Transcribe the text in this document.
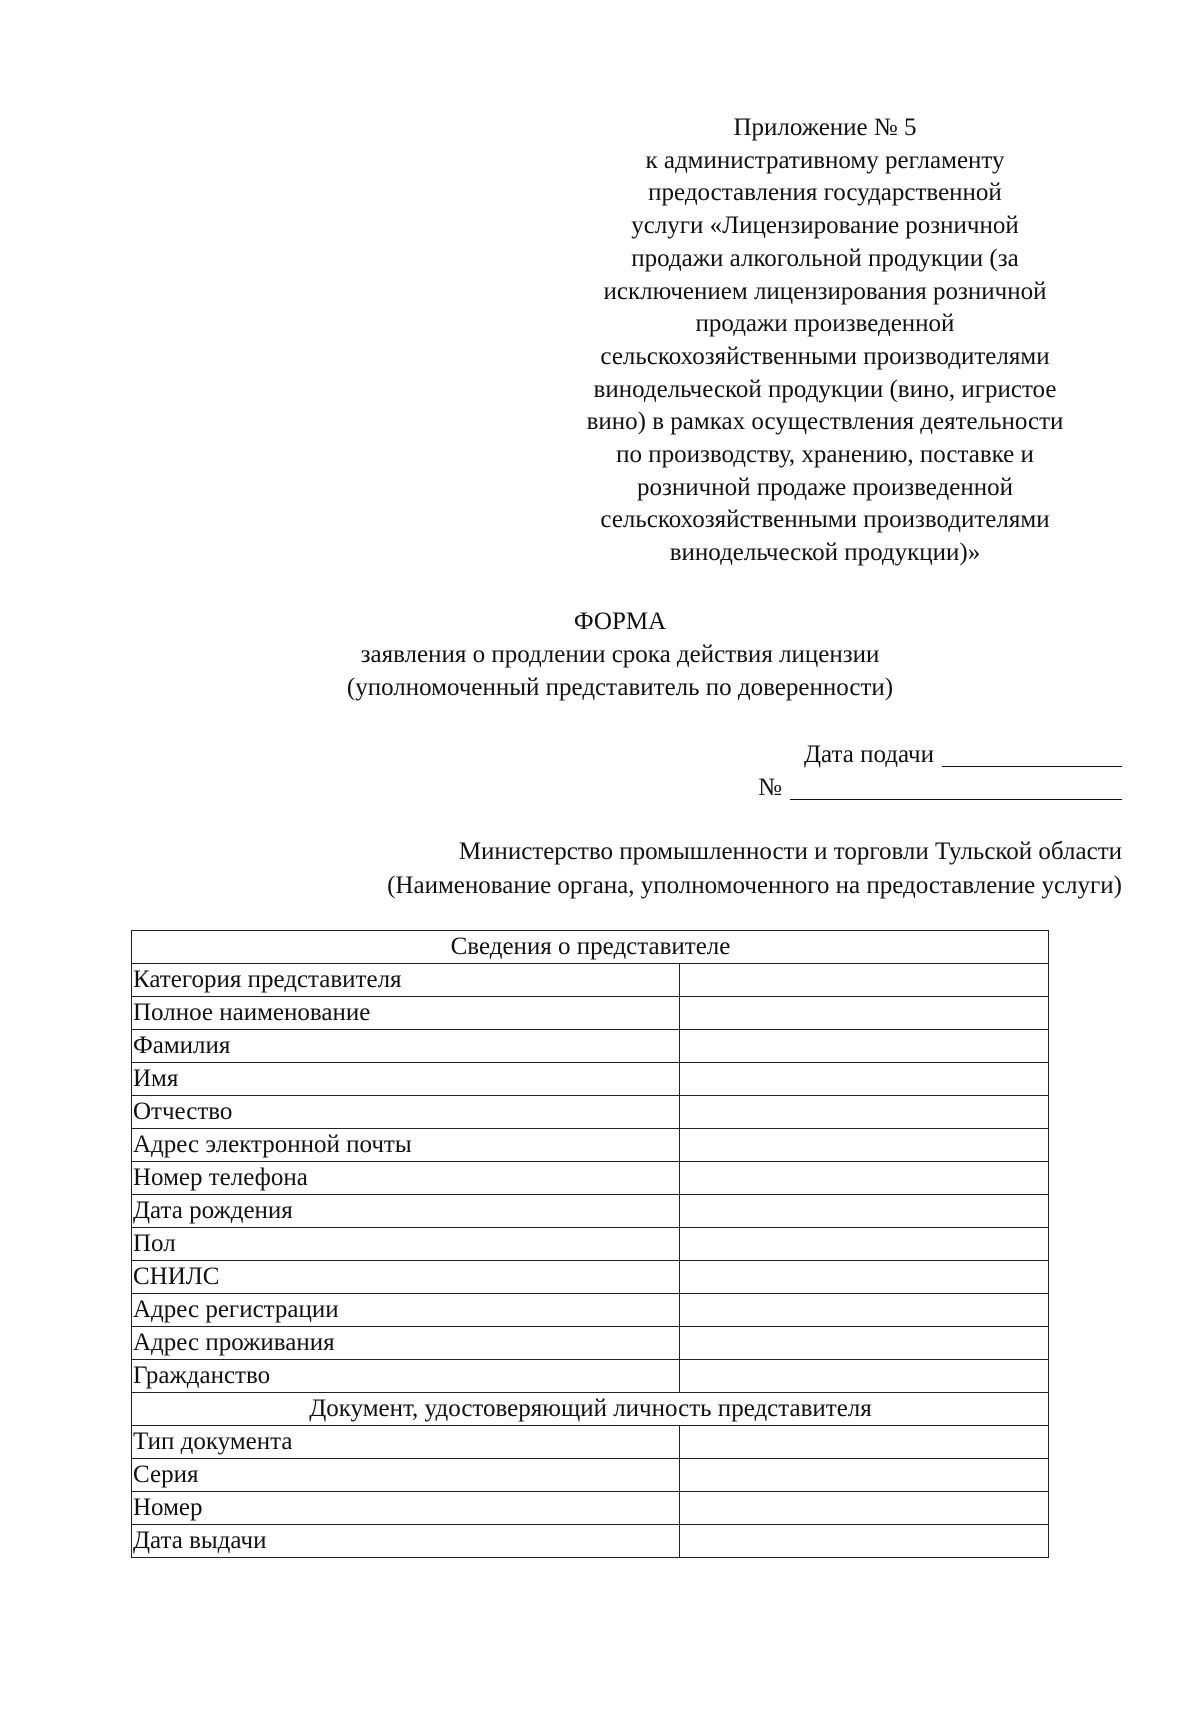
Приложение № 5
к административному регламенту
предоставления государственной
услуги «Лицензирование розничной
продажи алкогольной продукции (за
исключением лицензирования розничной
продажи произведенной
сельскохозяйственными производителями
винодельческой продукции (вино, игристое
вино) в рамках осуществления деятельности
по производству, хранению, поставке и
розничной продаже произведенной
сельскохозяйственными производителями
винодельческой продукции)»
ФОРМА
заявления о продлении срока действия лицензии
(уполномоченный представитель по доверенности)
Дата подачи
№
Министерство промышленности и торговли Тульской области
(Наименование органа, уполномоченного на предоставление услуги)
Сведения о представителе	
Категория представителя	
Полное наименование	
Фамилия	
Имя	
Отчество	
Адрес электронной почты	
Номер телефона	
Дата рождения	
Пол	
СНИЛС	
Адрес регистрации	
Адрес проживания	
Гражданство	
Документ, удостоверяющий личность представителя	
Тип документа	
Серия	
Номер	
Дата выдачи	
